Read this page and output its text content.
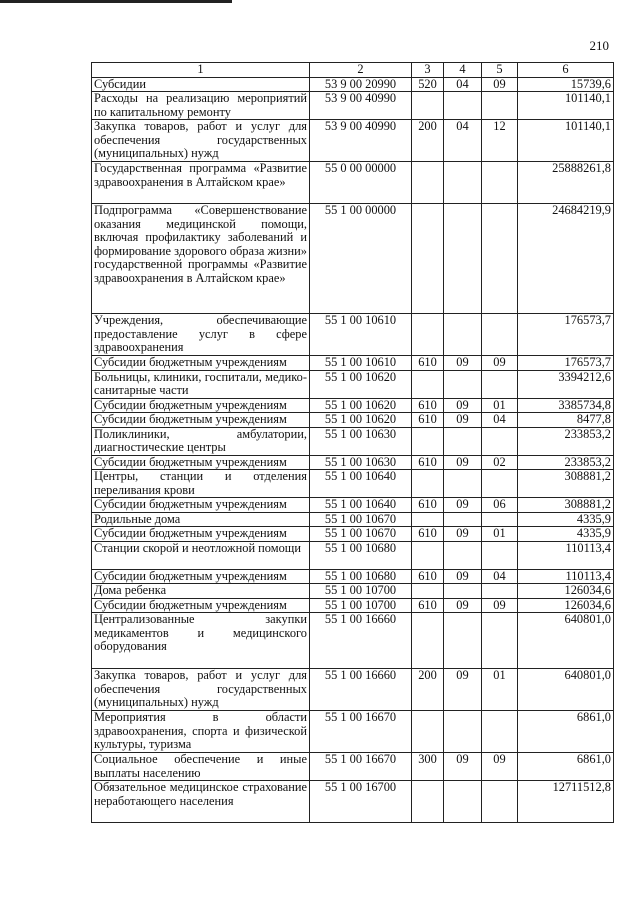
210
1	2	3	4	5	6
Субсидии	53 9 00 20990	520	04	09	15739,6
Расходы на реализацию мероприятий по капитальному ремонту	53 9 00 40990				101140,1
Закупка товаров, работ и услуг для обеспечения государственных (муниципальных) нужд	53 9 00 40990	200	04	12	101140,1
Государственная программа «Развитие здравоохранения в Алтайском крае»	55 0 00 00000				25888261,8
Подпрограмма «Совершенствование оказания медицинской помощи, включая профилактику заболеваний и формирование здорового образа жизни» государственной программы «Развитие здравоохранения в Алтайском крае»	55 1 00 00000				24684219,9
Учреждения, обеспечивающие предоставление услуг в сфере здравоохранения	55 1 00 10610				176573,7
Субсидии бюджетным учреждениям	55 1 00 10610	610	09	09	176573,7
Больницы, клиники, госпитали, медико-санитарные части	55 1 00 10620				3394212,6
Субсидии бюджетным учреждениям	55 1 00 10620	610	09	01	3385734,8
Субсидии бюджетным учреждениям	55 1 00 10620	610	09	04	8477,8
Поликлиники, амбулатории, диагностические центры	55 1 00 10630				233853,2
Субсидии бюджетным учреждениям	55 1 00 10630	610	09	02	233853,2
Центры, станции и отделения переливания крови	55 1 00 10640				308881,2
Субсидии бюджетным учреждениям	55 1 00 10640	610	09	06	308881,2
Родильные дома	55 1 00 10670				4335,9
Субсидии бюджетным учреждениям	55 1 00 10670	610	09	01	4335,9
Станции скорой и неотложной помощи	55 1 00 10680				110113,4
Субсидии бюджетным учреждениям	55 1 00 10680	610	09	04	110113,4
Дома ребенка	55 1 00 10700				126034,6
Субсидии бюджетным учреждениям	55 1 00 10700	610	09	09	126034,6
Централизованные закупки медикаментов и медицинского оборудования	55 1 00 16660				640801,0
Закупка товаров, работ и услуг для обеспечения государственных (муниципальных) нужд	55 1 00 16660	200	09	01	640801,0
Мероприятия в области здравоохранения, спорта и физической культуры, туризма	55 1 00 16670				6861,0
Социальное обеспечение и иные выплаты населению	55 1 00 16670	300	09	09	6861,0
Обязательное медицинское страхование неработающего населения	55 1 00 16700				12711512,8
